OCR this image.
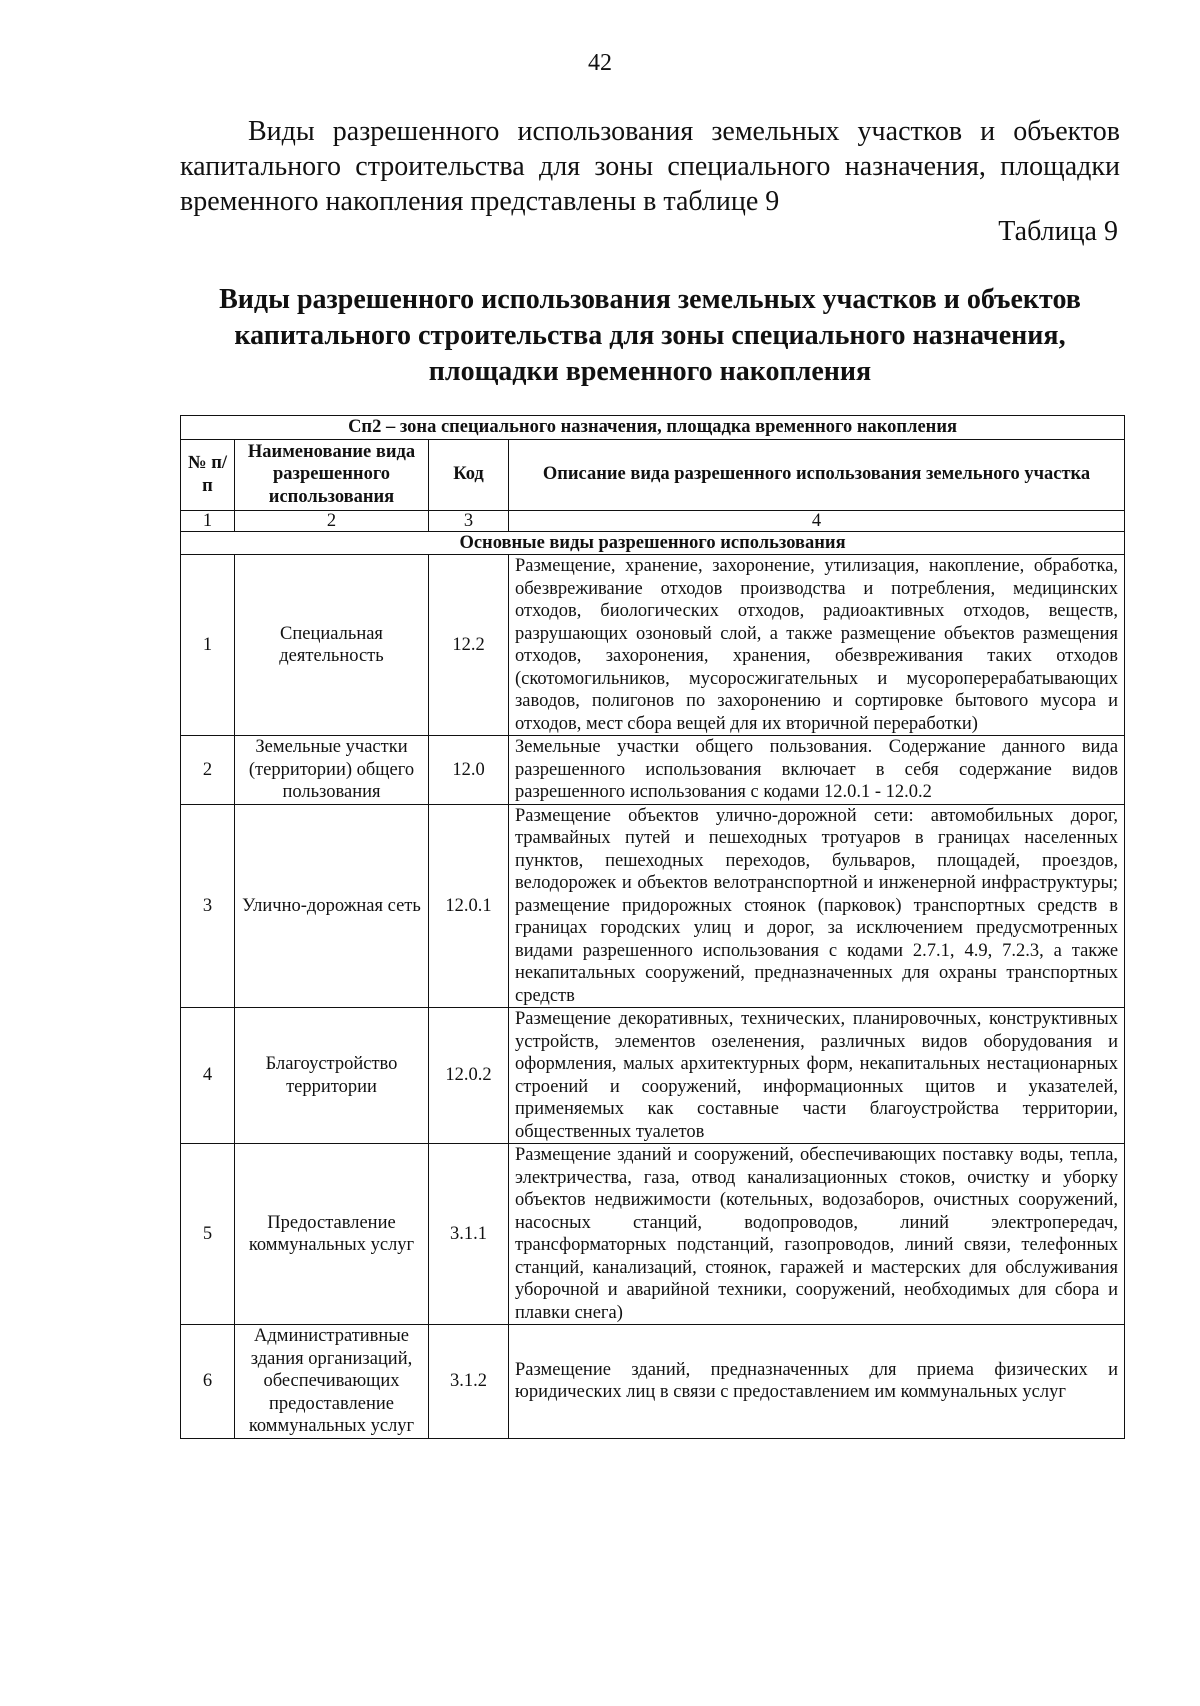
42

Виды разрешенного использования земельных участков и объектов капитального строительства для зоны специального назначения, площадки временного накопления представлены в таблице 9

Таблица 9
Виды разрешенного использования земельных участков и объектов капитального строительства для зоны специального назначения, площадки временного накопления
Сп2 – зона специального назначения, площадка временного накопления			
№ п/п	Наименование вида разрешенного использования	Код	Описание вида разрешенного использования земельного участка
1	2	3	4
Основные виды разрешенного использования			
1	Специальная деятельность	12.2	Размещение, хранение, захоронение, утилизация, накопление, обработка, обезвреживание отходов производства и потребления, медицинских отходов, биологических отходов, радиоактивных отходов, веществ, разрушающих озоновый слой, а также размещение объектов размещения отходов, захоронения, хранения, обезвреживания таких отходов (скотомогильников, мусоросжигательных и мусороперерабатывающих заводов, полигонов по захоронению и сортировке бытового мусора и отходов, мест сбора вещей для их вторичной переработки)
2	Земельные участки (территории) общего пользования	12.0	Земельные участки общего пользования. Содержание данного вида разрешенного использования включает в себя содержание видов разрешенного использования с кодами 12.0.1 - 12.0.2
3	Улично-дорожная сеть	12.0.1	Размещение объектов улично-дорожной сети: автомобильных дорог, трамвайных путей и пешеходных тротуаров в границах населенных пунктов, пешеходных переходов, бульваров, площадей, проездов, велодорожек и объектов велотранспортной и инженерной инфраструктуры; размещение придорожных стоянок (парковок) транспортных средств в границах городских улиц и дорог, за исключением предусмотренных видами разрешенного использования с кодами 2.7.1, 4.9, 7.2.3, а также некапитальных сооружений, предназначенных для охраны транспортных средств
4	Благоустройство территории	12.0.2	Размещение декоративных, технических, планировочных, конструктивных устройств, элементов озеленения, различных видов оборудования и оформления, малых архитектурных форм, некапитальных нестационарных строений и сооружений, информационных щитов и указателей, применяемых как составные части благоустройства территории, общественных туалетов
5	Предоставление коммунальных услуг	3.1.1	Размещение зданий и сооружений, обеспечивающих поставку воды, тепла, электричества, газа, отвод канализационных стоков, очистку и уборку объектов недвижимости (котельных, водозаборов, очистных сооружений, насосных станций, водопроводов, линий электропередач, трансформаторных подстанций, газопроводов, линий связи, телефонных станций, канализаций, стоянок, гаражей и мастерских для обслуживания уборочной и аварийной техники, сооружений, необходимых для сбора и плавки снега)
6	Административные здания организаций, обеспечивающих предоставление коммунальных услуг	3.1.2	Размещение зданий, предназначенных для приема физических и юридических лиц в связи с предоставлением им коммунальных услуг
